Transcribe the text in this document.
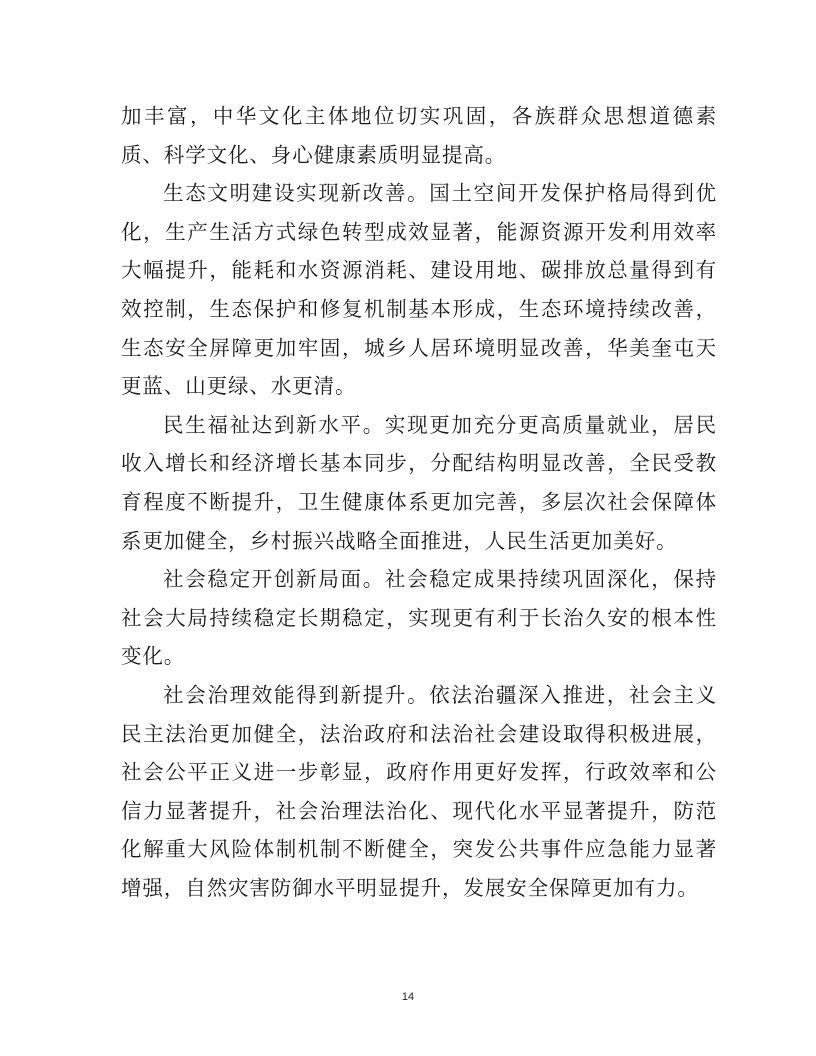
加丰富，中华文化主体地位切实巩固，各族群众思想道德素质、科学文化、身心健康素质明显提高。

生态文明建设实现新改善。国土空间开发保护格局得到优化，生产生活方式绿色转型成效显著，能源资源开发利用效率大幅提升，能耗和水资源消耗、建设用地、碳排放总量得到有效控制，生态保护和修复机制基本形成，生态环境持续改善，生态安全屏障更加牢固，城乡人居环境明显改善，华美奎屯天更蓝、山更绿、水更清。

民生福祉达到新水平。实现更加充分更高质量就业，居民收入增长和经济增长基本同步，分配结构明显改善，全民受教育程度不断提升，卫生健康体系更加完善，多层次社会保障体系更加健全，乡村振兴战略全面推进，人民生活更加美好。

社会稳定开创新局面。社会稳定成果持续巩固深化，保持社会大局持续稳定长期稳定，实现更有利于长治久安的根本性变化。

社会治理效能得到新提升。依法治疆深入推进，社会主义民主法治更加健全，法治政府和法治社会建设取得积极进展，社会公平正义进一步彰显，政府作用更好发挥，行政效率和公信力显著提升，社会治理法治化、现代化水平显著提升，防范化解重大风险体制机制不断健全，突发公共事件应急能力显著增强，自然灾害防御水平明显提升，发展安全保障更加有力。

14
